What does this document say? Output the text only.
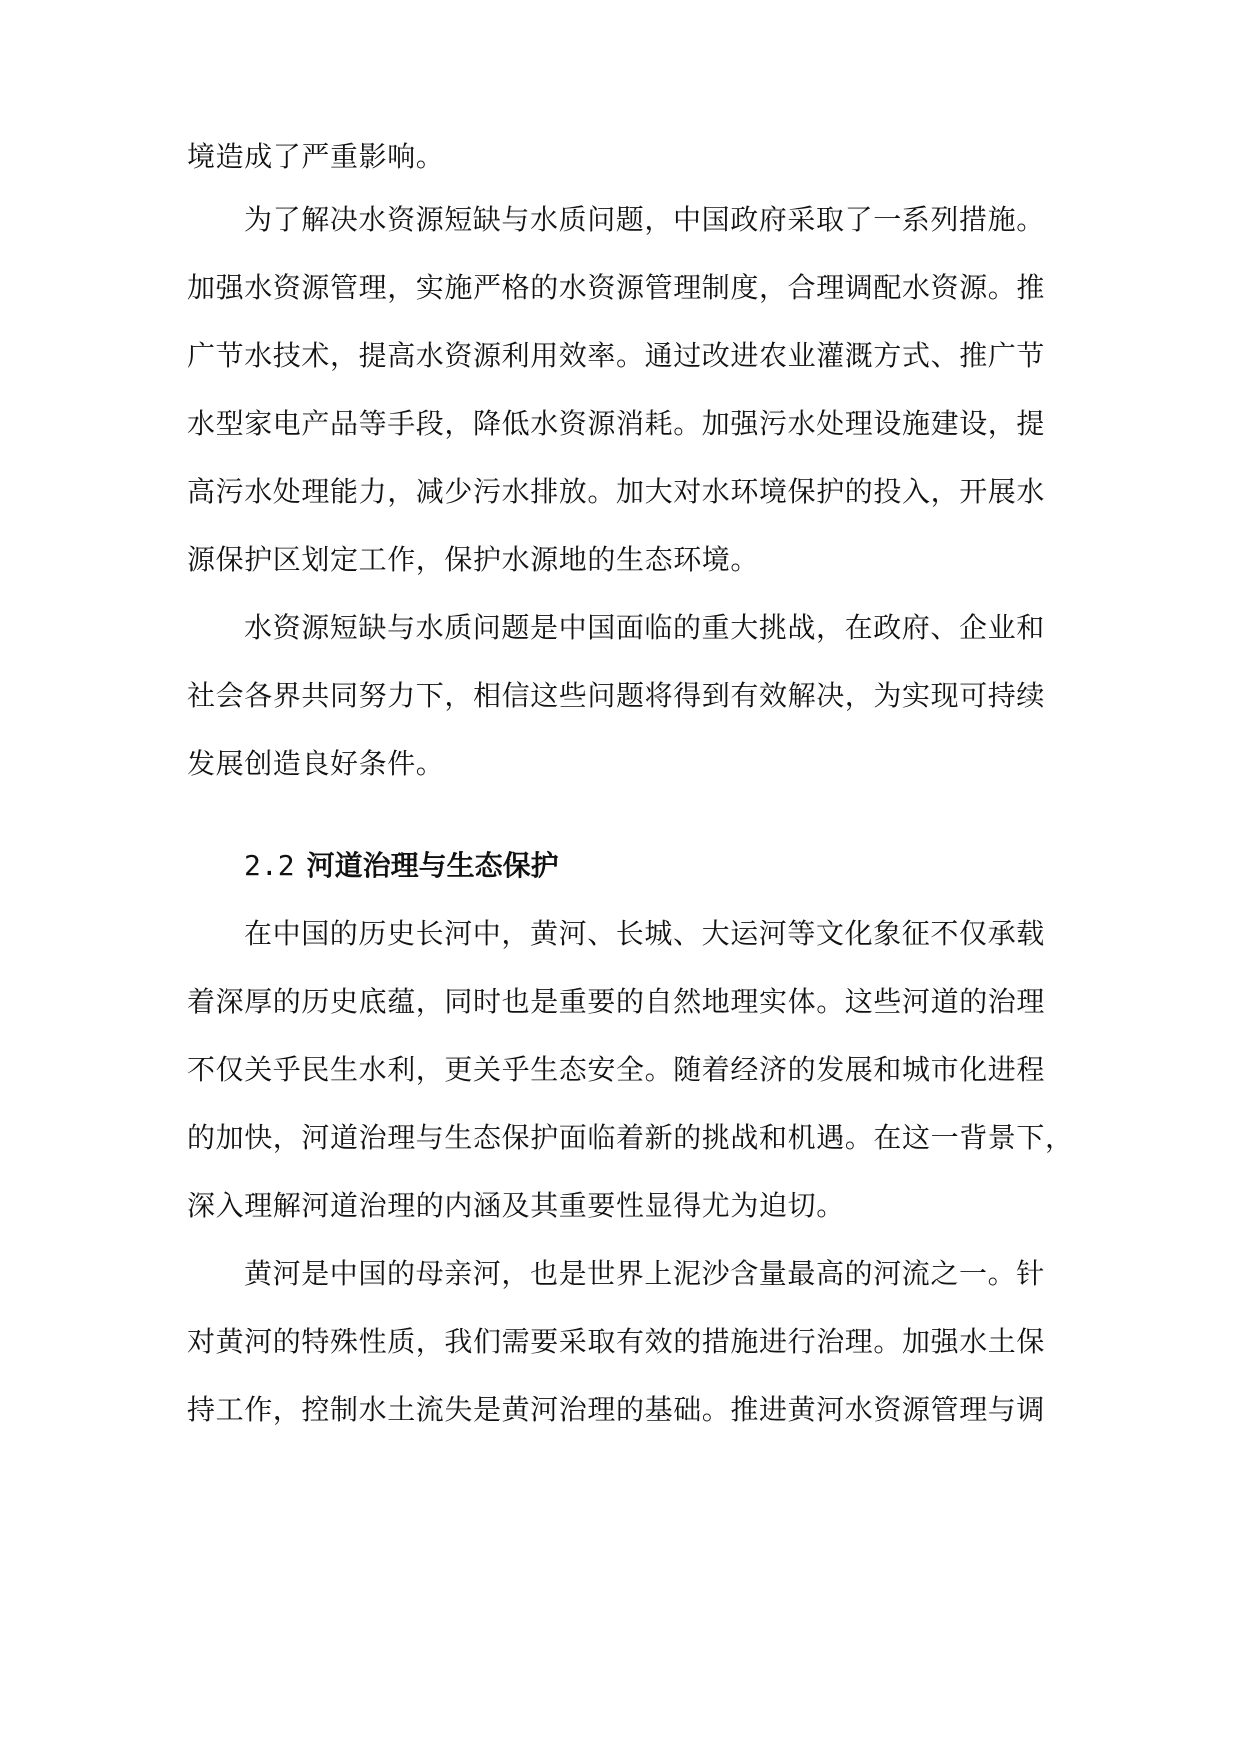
境造成了严重影响。
为了解决水资源短缺与水质问题，中国政府采取了一系列措施。
加强水资源管理，实施严格的水资源管理制度，合理调配水资源。推
广节水技术，提高水资源利用效率。通过改进农业灌溉方式、推广节
水型家电产品等手段，降低水资源消耗。加强污水处理设施建设，提
高污水处理能力，减少污水排放。加大对水环境保护的投入，开展水
源保护区划定工作，保护水源地的生态环境。
水资源短缺与水质问题是中国面临的重大挑战，在政府、企业和
社会各界共同努力下，相信这些问题将得到有效解决，为实现可持续
发展创造良好条件。
2.2 河道治理与生态保护
在中国的历史长河中，黄河、长城、大运河等文化象征不仅承载
着深厚的历史底蕴，同时也是重要的自然地理实体。这些河道的治理
不仅关乎民生水利，更关乎生态安全。随着经济的发展和城市化进程
的加快，河道治理与生态保护面临着新的挑战和机遇。在这一背景下，
深入理解河道治理的内涵及其重要性显得尤为迫切。
黄河是中国的母亲河，也是世界上泥沙含量最高的河流之一。针
对黄河的特殊性质，我们需要采取有效的措施进行治理。加强水土保
持工作，控制水土流失是黄河治理的基础。推进黄河水资源管理与调
